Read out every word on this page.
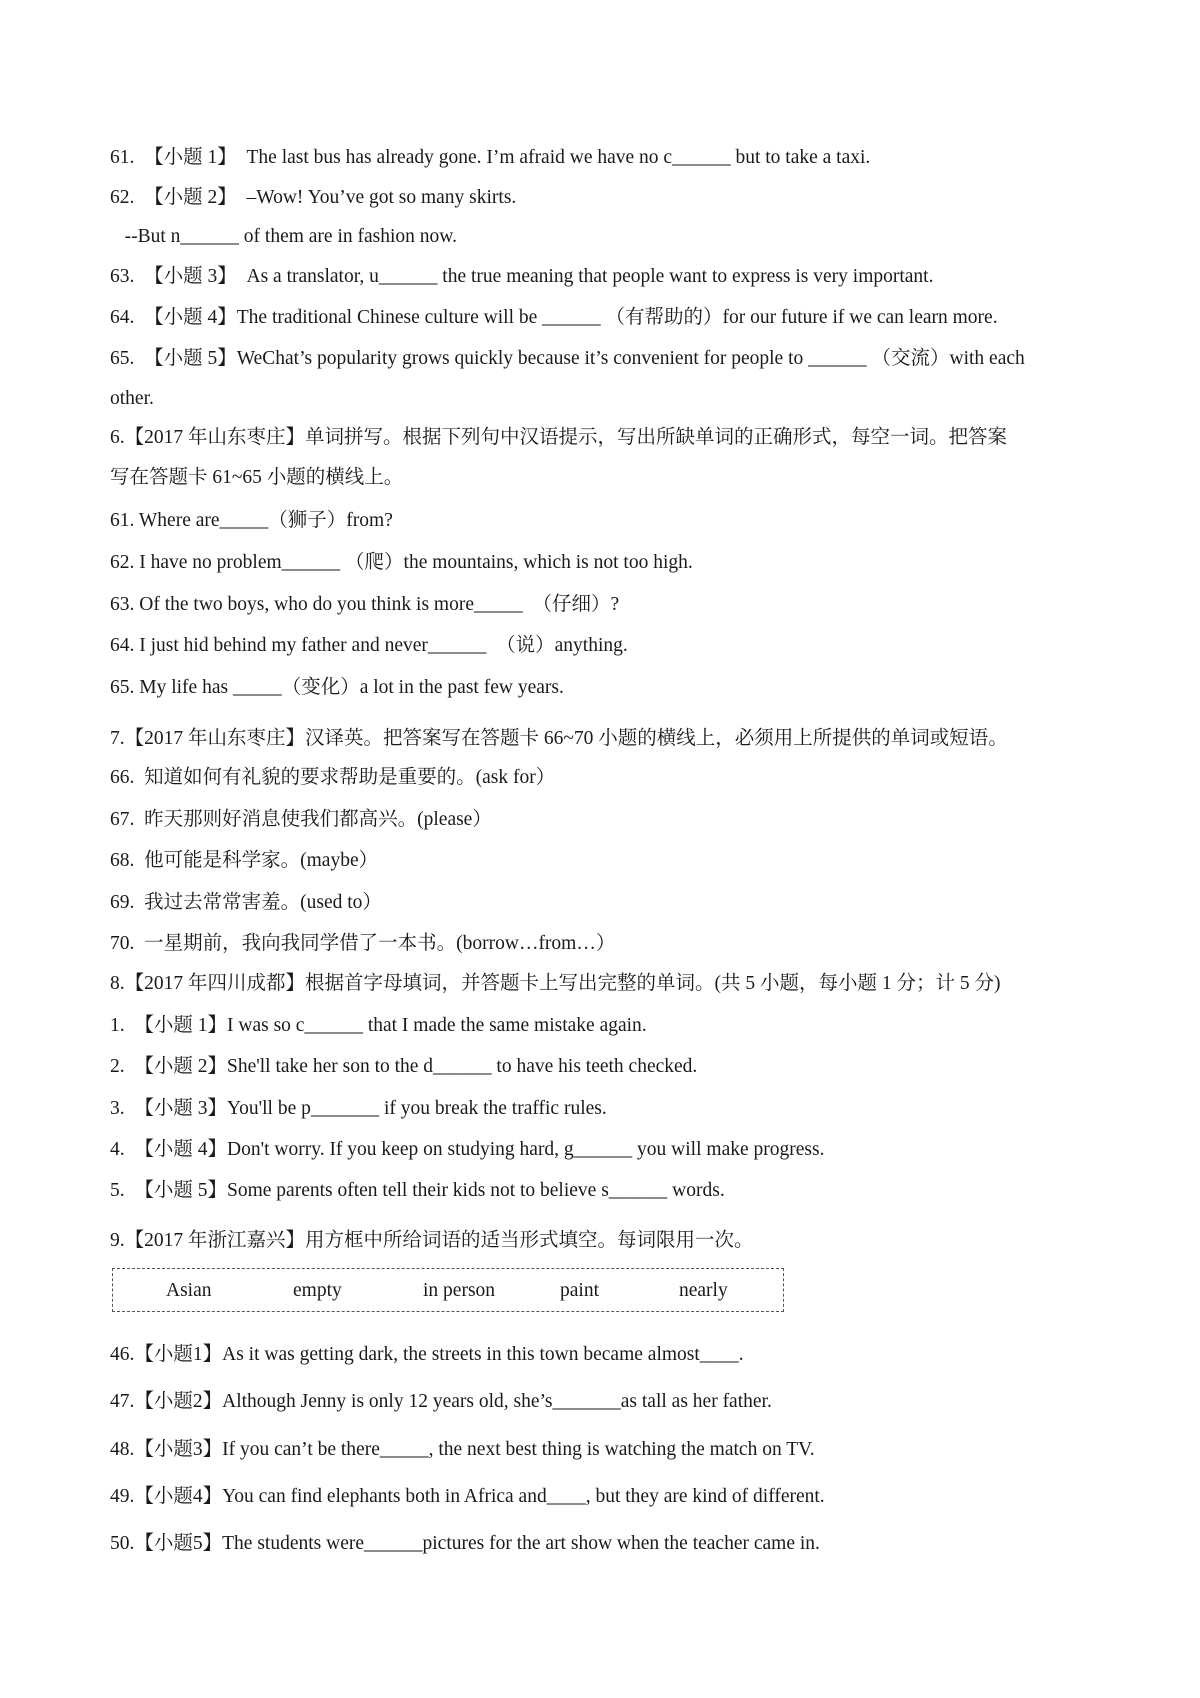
61.  【小题 1】  The last bus has already gone. I’m afraid we have no c______ but to take a taxi.
62.  【小题 2】  –Wow! You’ve got so many skirts.
--But n______ of them are in fashion now.
63.  【小题 3】  As a translator, u______ the true meaning that people want to express is very important.
64.  【小题 4】The traditional Chinese culture will be ______ （有帮助的）for our future if we can learn more.
65.  【小题 5】WeChat’s popularity grows quickly because it’s convenient for people to ______ （交流）with each
other.
6.【2017 年山东枣庄】单词拼写。根据下列句中汉语提示，写出所缺单词的正确形式，每空一词。把答案
写在答题卡 61~65 小题的横线上。
61. Where are_____（狮子）from?
62. I have no problem______ （爬）the mountains, which is not too high.
63. Of the two boys, who do you think is more_____  （仔细）?
64. I just hid behind my father and never______  （说）anything.
65. My life has _____（变化）a lot in the past few years.
7.【2017 年山东枣庄】汉译英。把答案写在答题卡 66~70 小题的横线上，必须用上所提供的单词或短语。
66.  知道如何有礼貌的要求帮助是重要的。(ask for）
67.  昨天那则好消息使我们都高兴。(please）
68.  他可能是科学家。(maybe）
69.  我过去常常害羞。(used to）
70.  一星期前，我向我同学借了一本书。(borrow…from…）
8.【2017 年四川成都】根据首字母填词，并答题卡上写出完整的单词。(共 5 小题，每小题 1 分；计 5 分)
1.  【小题 1】I was so c______ that I made the same mistake again.
2.  【小题 2】She'll take her son to the d______ to have his teeth checked.
3.  【小题 3】You'll be p_______ if you break the traffic rules.
4.  【小题 4】Don't worry. If you keep on studying hard, g______ you will make progress.
5.  【小题 5】Some parents often tell their kids not to believe s______ words.
9.【2017 年浙江嘉兴】用方框中所给词语的适当形式填空。每词限用一次。
Asian	empty	in person	paint	nearly
46.【小题1】As it was getting dark, the streets in this town became almost____.
47.【小题2】Although Jenny is only 12 years old, she’s_______as tall as her father.
48.【小题3】If you can’t be there_____, the next best thing is watching the match on TV.
49.【小题4】You can find elephants both in Africa and____, but they are kind of different.
50.【小题5】The students were______pictures for the art show when the teacher came in.
